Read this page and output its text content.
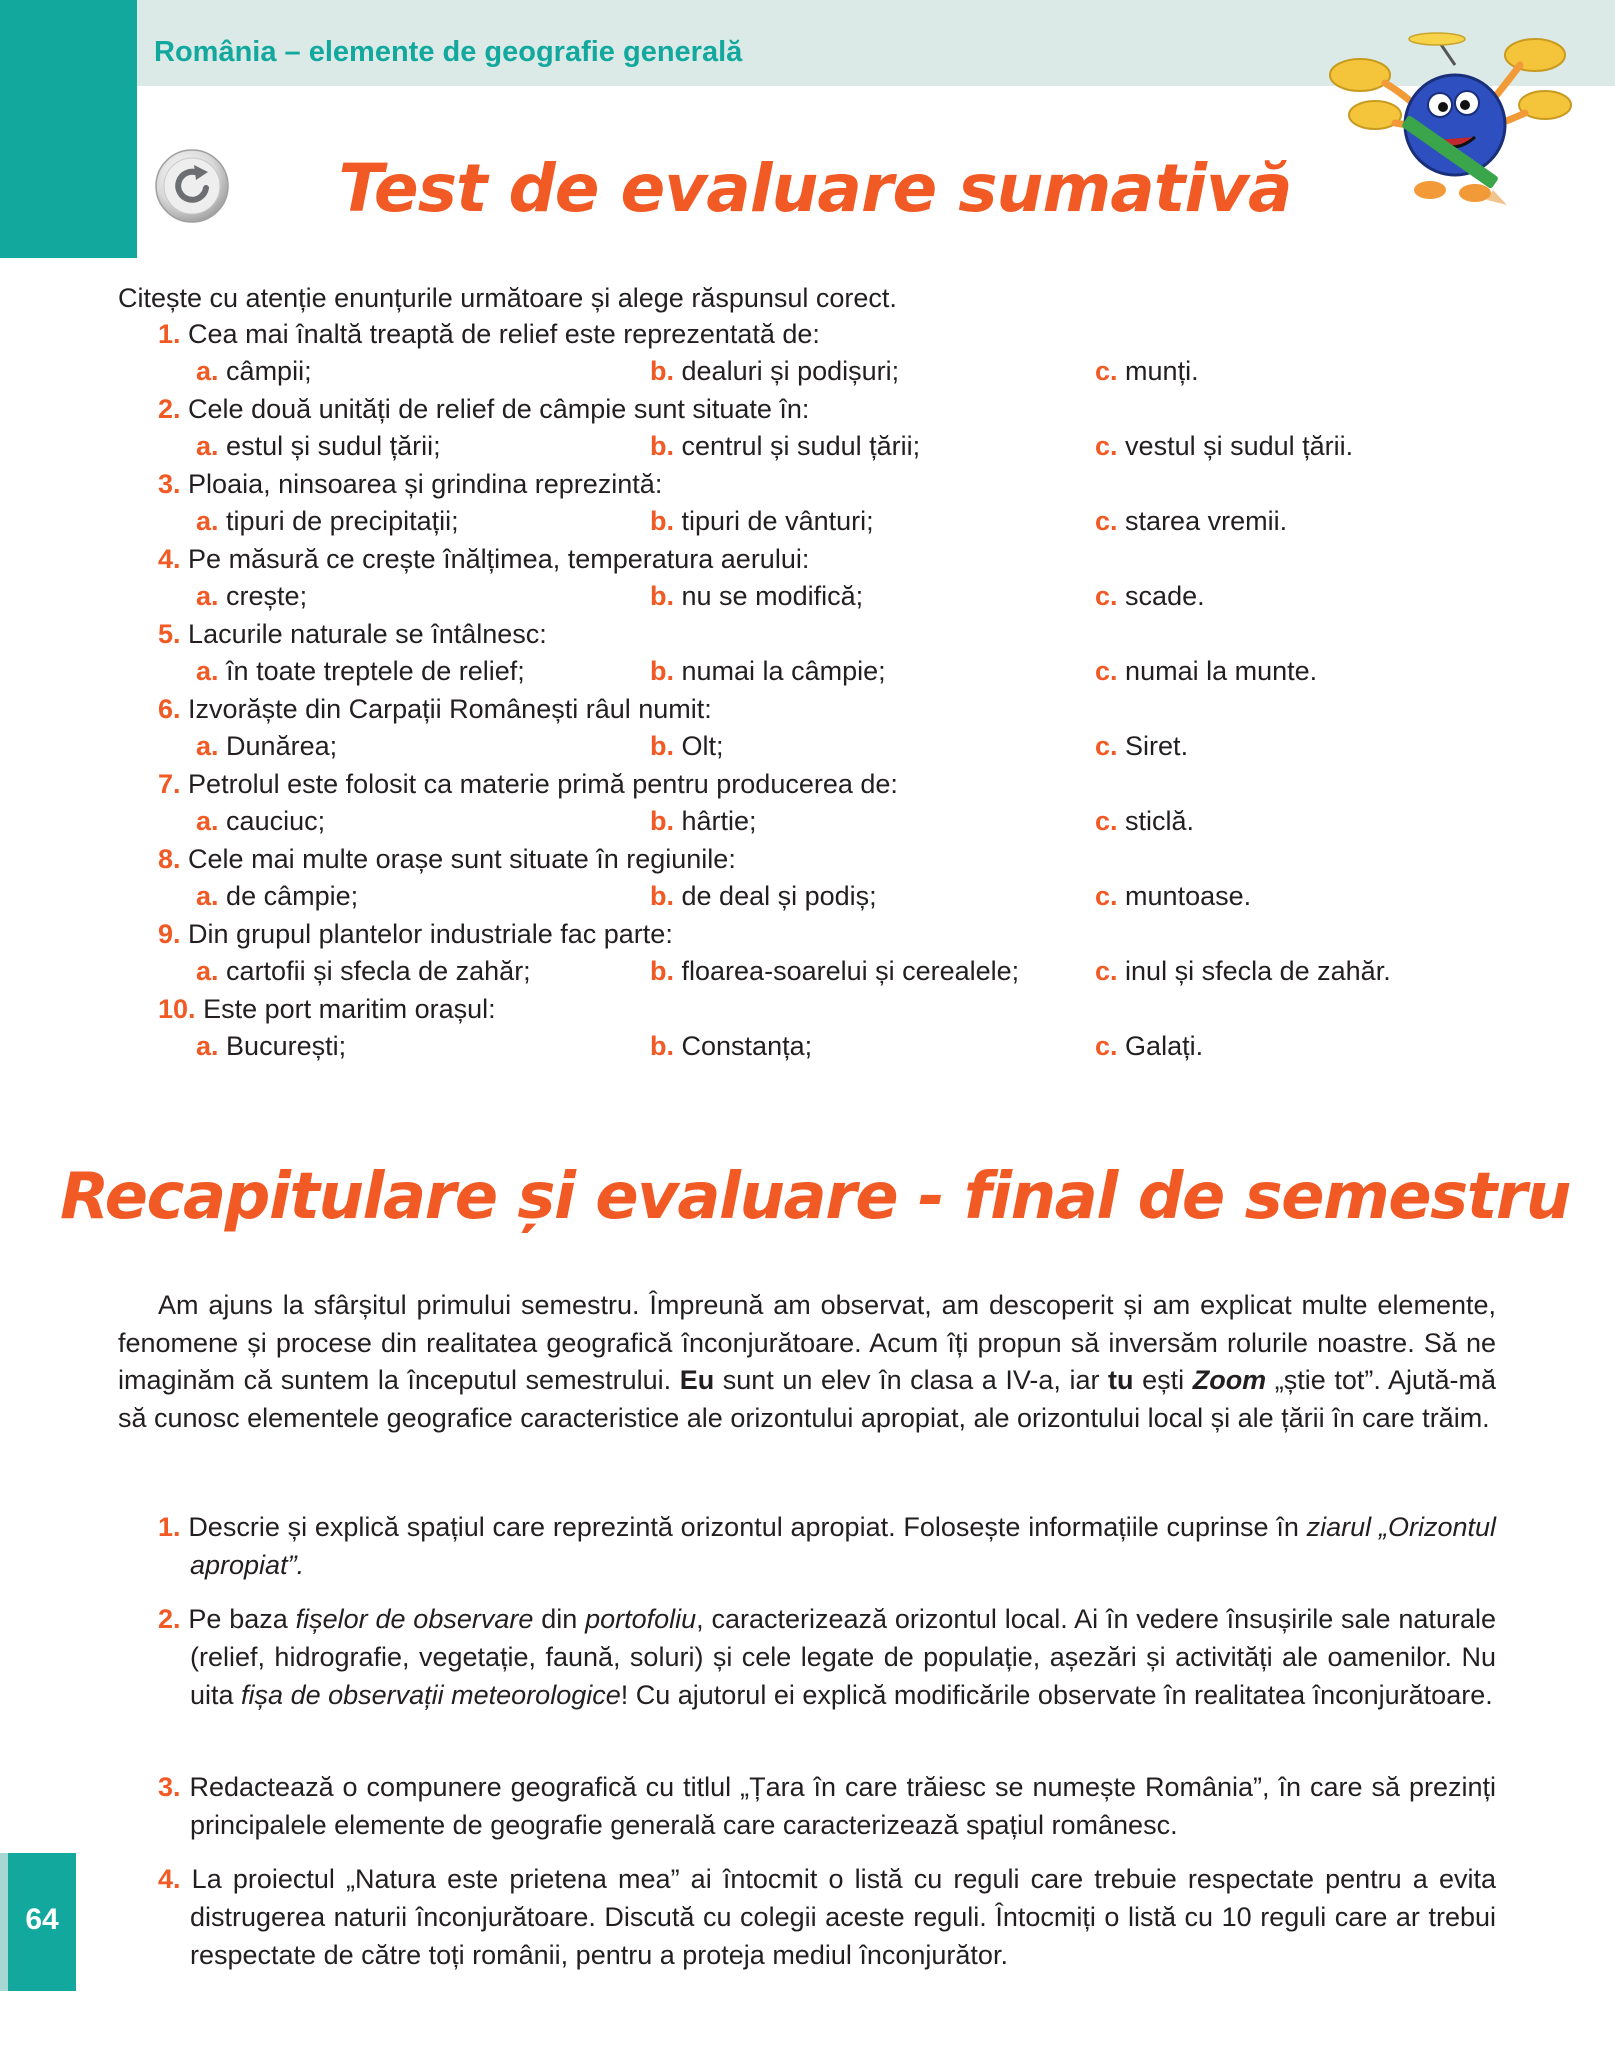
România – elemente de geografie generală
Test de evaluare sumativă
Citește cu atenție enunțurile următoare și alege răspunsul corect.
1. Cea mai înaltă treaptă de relief este reprezentată de:
a. câmpii;	b. dealuri și podișuri;	c. munți.
2. Cele două unități de relief de câmpie sunt situate în:
a. estul și sudul țării;	b. centrul și sudul țării;	c. vestul și sudul țării.
3. Ploaia, ninsoarea și grindina reprezintă:
a. tipuri de precipitații;	b. tipuri de vânturi;	c. starea vremii.
4. Pe măsură ce crește înălțimea, temperatura aerului:
a. crește;	b. nu se modifică;	c. scade.
5. Lacurile naturale se întâlnesc:
a. în toate treptele de relief;	b. numai la câmpie;	c. numai la munte.
6. Izvorăște din Carpații Românești râul numit:
a. Dunărea;	b. Olt;	c. Siret.
7. Petrolul este folosit ca materie primă pentru producerea de:
a. cauciuc;	b. hârtie;	c. sticlă.
8. Cele mai multe orașe sunt situate în regiunile:
a. de câmpie;	b. de deal și podiș;	c. muntoase.
9. Din grupul plantelor industriale fac parte:
a. cartofii și sfecla de zahăr;	b. floarea-soarelui și cerealele;	c. inul și sfecla de zahăr.
10. Este port maritim orașul:
a. București;	b. Constanța;	c. Galați.
Recapitulare și evaluare - final de semestru
Am ajuns la sfârșitul primului semestru. Împreună am observat, am descoperit și am explicat multe elemente, fenomene și procese din realitatea geografică înconjurătoare. Acum îți propun să inversăm rolurile noastre. Să ne imaginăm că suntem la începutul semestrului. Eu sunt un elev în clasa a IV-a, iar tu ești Zoom „știe tot”. Ajută-mă să cunosc elementele geografice caracteristice ale orizontului apropiat, ale orizontului local și ale țării în care trăim.
1. Descrie și explică spațiul care reprezintă orizontul apropiat. Folosește informațiile cuprinse în ziarul „Orizontul apropiat”.
2. Pe baza fișelor de observare din portofoliu, caracterizează orizontul local. Ai în vedere însușirile sale naturale (relief, hidrografie, vegetație, faună, soluri) și cele legate de populație, așezări și activități ale oamenilor. Nu uita fișa de observații meteorologice! Cu ajutorul ei explică modificările observate în realitatea înconjurătoare.
3. Redactează o compunere geografică cu titlul „Țara în care trăiesc se numește România”, în care să prezinți principalele elemente de geografie generală care caracterizează spațiul românesc.
4. La proiectul „Natura este prietena mea” ai întocmit o listă cu reguli care trebuie respectate pentru a evita distrugerea naturii înconjurătoare. Discută cu colegii aceste reguli. Întocmiți o listă cu 10 reguli care ar trebui respectate de către toți românii, pentru a proteja mediul înconjurător.
64
